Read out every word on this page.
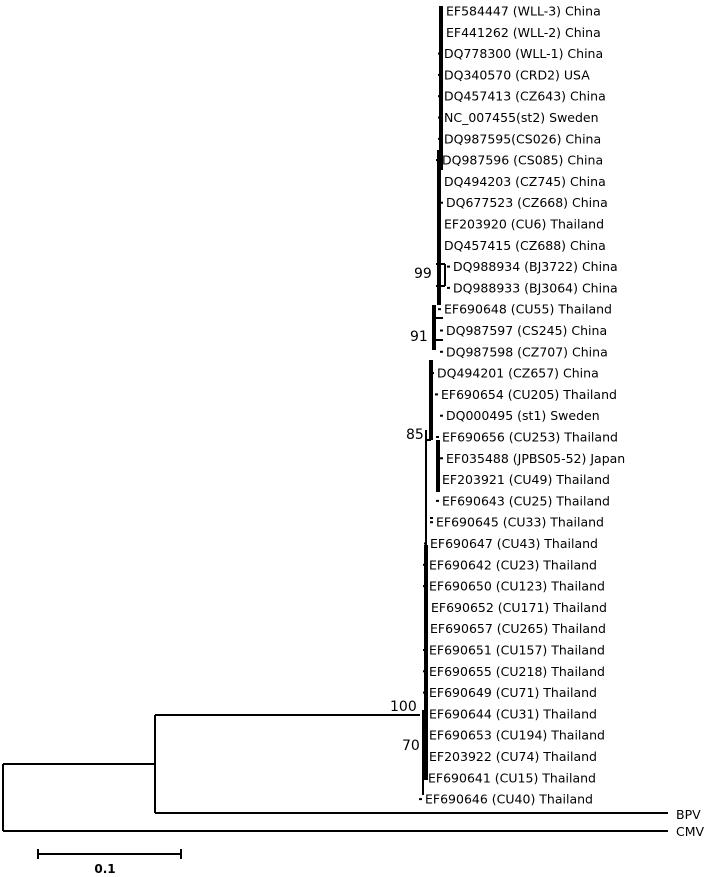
EF584447 (WLL-3) China
EF441262 (WLL-2) China
DQ778300 (WLL-1) China
DQ340570 (CRD2) USA
DQ457413 (CZ643) China
NC_007455(st2) Sweden
DQ987595(CS026) China
DQ987596 (CS085) China
DQ494203 (CZ745) China
DQ677523 (CZ668) China
EF203920 (CU6) Thailand
DQ457415 (CZ688) China
DQ988934 (BJ3722) China
DQ988933 (BJ3064) China
EF690648 (CU55) Thailand
DQ987597 (CS245) China
DQ987598 (CZ707) China
DQ494201 (CZ657) China
EF690654 (CU205) Thailand
DQ000495 (st1) Sweden
EF690656 (CU253) Thailand
EF035488 (JPBS05-52) Japan
EF203921 (CU49) Thailand
EF690643 (CU25) Thailand
EF690645 (CU33) Thailand
EF690647 (CU43) Thailand
EF690642 (CU23) Thailand
EF690650 (CU123) Thailand
EF690652 (CU171) Thailand
EF690657 (CU265) Thailand
EF690651 (CU157) Thailand
EF690655 (CU218) Thailand
EF690649 (CU71) Thailand
EF690644 (CU31) Thailand
EF690653 (CU194) Thailand
EF203922 (CU74) Thailand
EF690641 (CU15) Thailand
EF690646 (CU40) Thailand
99
91
85
100
70
BPV
CMV
0.1
